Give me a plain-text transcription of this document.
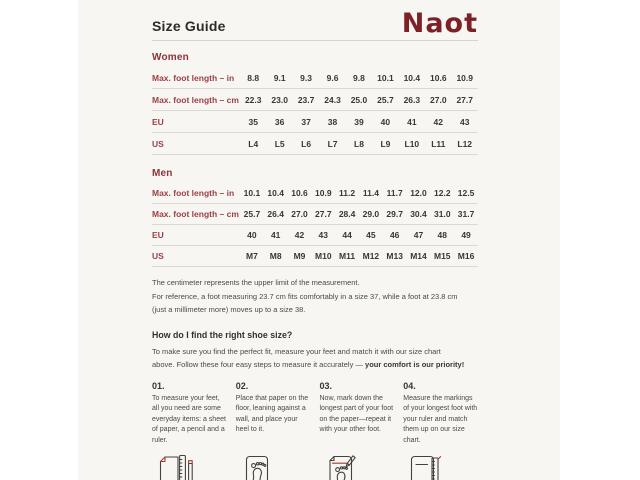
Size Guide	Naot
Women
Max. foot length – in	8.8	9.1	9.3	9.6	9.8	10.1	10.4	10.6	10.9
Max. foot length – cm 22.3	23.0	23.7	24.3	25.0	25.7	26.3	27.0	27.7
EU	35	36	37	38	39	40	41	42	43
US	L4	L5	L6	L7	L8	L9	L10	L11	L12
Men
Max. foot length – in	10.1 10.4 10.6 10.9 11.2 11.4 11.7 12.0 12.2 12.5
Max. foot length – cm 25.7 26.4 27.0 27.7 28.4 29.0 29.7 30.4 31.0 31.7
EU	40	41	42	43	44	45	46	47	48	49
US	M7	M8	M9	M10 M11 M12 M13 M14 M15 M16
The centimeter represents the upper limit of the measurement.
For reference, a foot measuring 23.7 cm fits comfortably in a size 37, while a foot at 23.8 cm
(just a millimeter more) moves up to a size 38.
How do I find the right shoe size?
To make sure you find the perfect fit, measure your feet and match it with our size chart
above. Follow these four easy steps to measure it accurately — your comfort is our priority!
01.
To measure your feet, all you need are some everyday items: a sheet of paper, a pencil and a ruler.
02.
Place that paper on the floor, leaning against a wall, and place your heel to it.
03.
Now, mark down the longest part of your foot on the paper—repeat it with your other foot.
04.
Measure the markings of your longest foot with your ruler and match them up on our size chart.
